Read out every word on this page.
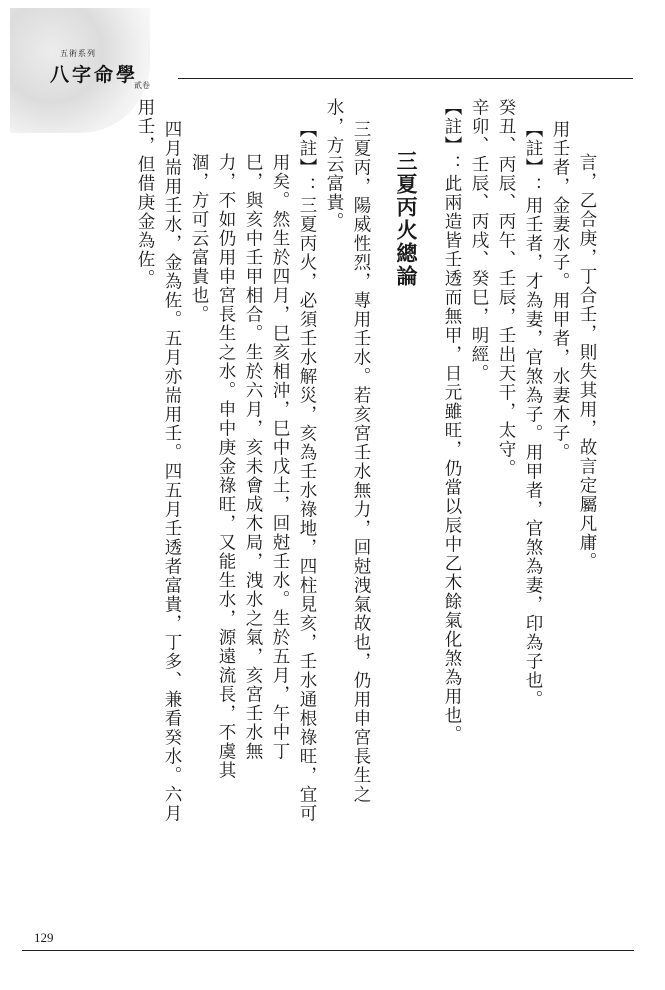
五術系列
八字命學
貳卷

言，乙合庚，丁合壬，則失其用，故言定屬凡庸。

用壬者，金妻水子。用甲者，水妻木子。

【註】：用壬者，才為妻，官煞為子。用甲者，官煞為妻，印為子也。

癸丑、丙辰、丙午、壬辰，壬出天干，太守。

辛卯、壬辰、丙戌、癸巳，明經。

【註】：此兩造皆壬透而無甲，日元雖旺，仍當以辰中乙木餘氣化煞為用也。

三夏丙火總論

三夏丙，陽威性烈，專用壬水。若亥宮壬水無力，回尅洩氣故也，仍用申宮長生之

水，方云富貴。

【註】：三夏丙火，必須壬水解災，亥為壬水祿地，四柱見亥，壬水通根祿旺，宜可

用矣。然生於四月，巳亥相沖，巳中戊土，回尅壬水。生於五月，午中丁

巳，與亥中壬甲相合。生於六月，亥未會成木局，洩水之氣，亥宮壬水無

力，不如仍用申宮長生之水。申中庚金祿旺，又能生水，源遠流長，不虞其

涸，方可云富貴也。

四月耑用壬水，金為佐。五月亦耑用壬。四五月壬透者富貴，丁多、兼看癸水。六月

用壬，但借庚金為佐。

129
